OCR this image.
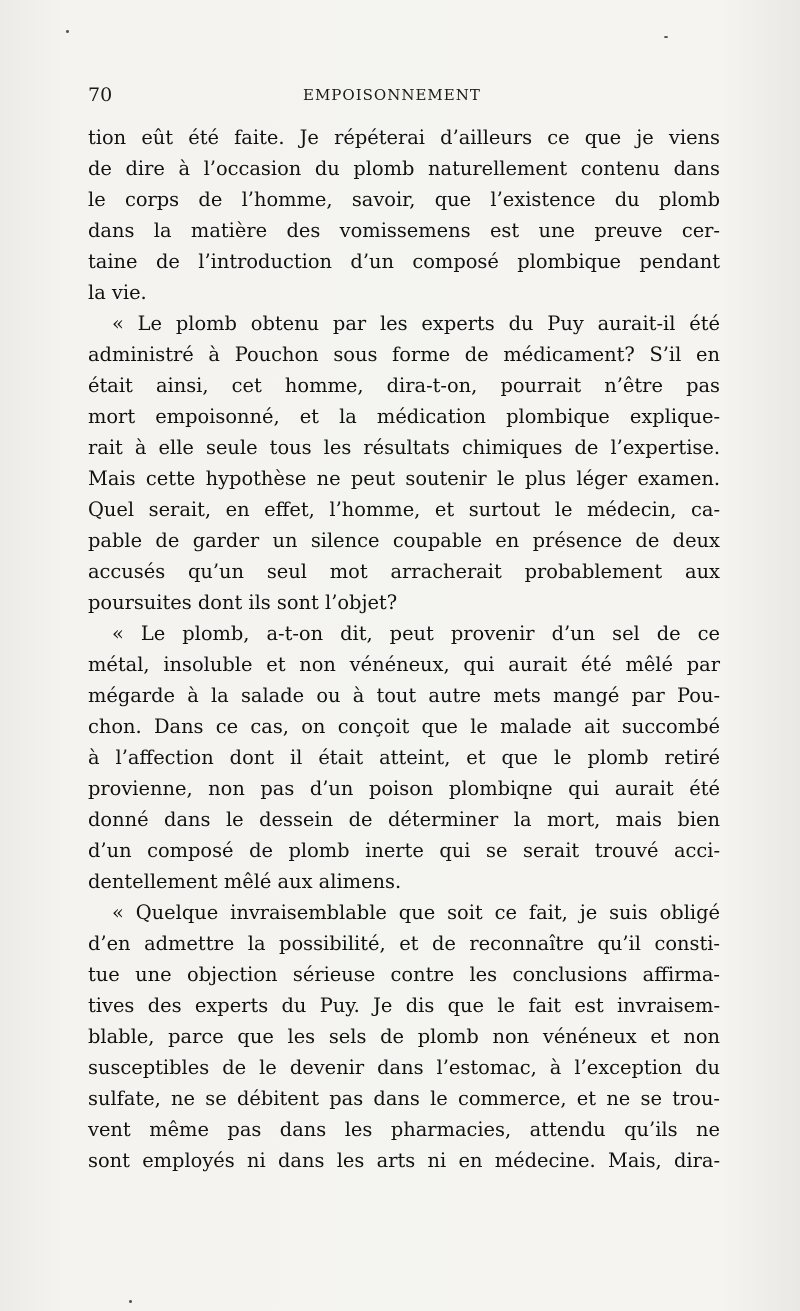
70	EMPOISONNEMENT
tion eût été faite. Je répéterai d’ailleurs ce que je viens
de dire à l’occasion du plomb naturellement contenu dans
le corps de l’homme, savoir, que l’existence du plomb
dans la matière des vomissemens est une preuve cer-
taine de l’introduction d’un composé plombique pendant
la vie.
« Le plomb obtenu par les experts du Puy aurait-il été
administré à Pouchon sous forme de médicament? S’il en
était ainsi, cet homme, dira-t-on, pourrait n’être pas
mort empoisonné, et la médication plombique explique-
rait à elle seule tous les résultats chimiques de l’expertise.
Mais cette hypothèse ne peut soutenir le plus léger examen.
Quel serait, en effet, l’homme, et surtout le médecin, ca-
pable de garder un silence coupable en présence de deux
accusés qu’un seul mot arracherait probablement aux
poursuites dont ils sont l’objet?
« Le plomb, a-t-on dit, peut provenir d’un sel de ce
métal, insoluble et non vénéneux, qui aurait été mêlé par
mégarde à la salade ou à tout autre mets mangé par Pou-
chon. Dans ce cas, on conçoit que le malade ait succombé
à l’affection dont il était atteint, et que le plomb retiré
provienne, non pas d’un poison plombiqne qui aurait été
donné dans le dessein de déterminer la mort, mais bien
d’un composé de plomb inerte qui se serait trouvé acci-
dentellement mêlé aux alimens.
« Quelque invraisemblable que soit ce fait, je suis obligé
d’en admettre la possibilité, et de reconnaître qu’il consti-
tue une objection sérieuse contre les conclusions affirma-
tives des experts du Puy. Je dis que le fait est invraisem-
blable, parce que les sels de plomb non vénéneux et non
susceptibles de le devenir dans l’estomac, à l’exception du
sulfate, ne se débitent pas dans le commerce, et ne se trou-
vent même pas dans les pharmacies, attendu qu’ils ne
sont employés ni dans les arts ni en médecine. Mais, dira-
